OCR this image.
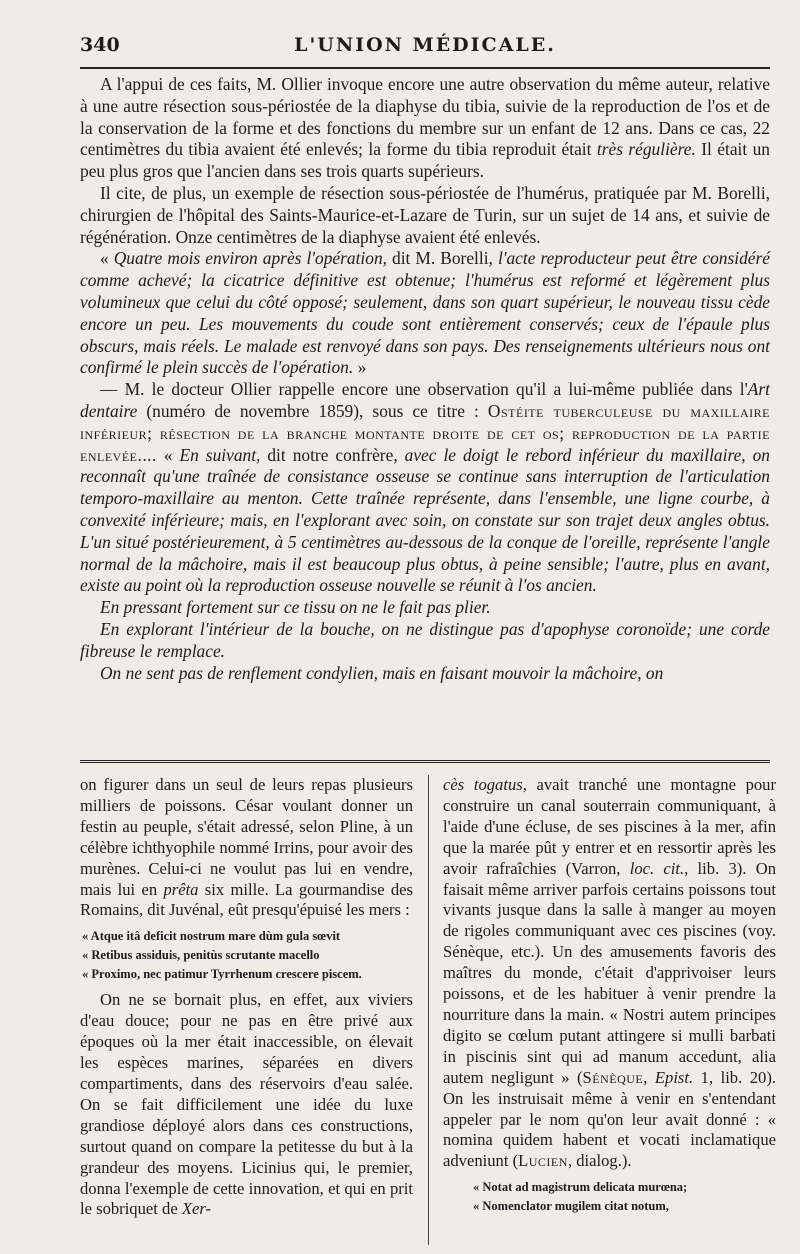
340	L'UNION MÉDICALE.

A l'appui de ces faits, M. Ollier invoque encore une autre observation du même auteur, relative à une autre résection sous-périostée de la diaphyse du tibia, suivie de la reproduction de l'os et de la conservation de la forme et des fonctions du membre sur un enfant de 12 ans. Dans ce cas, 22 centimètres du tibia avaient été enlevés; la forme du tibia reproduit était très régulière. Il était un peu plus gros que l'ancien dans ses trois quarts supérieurs.

Il cite, de plus, un exemple de résection sous-périostée de l'humérus, pratiquée par M. Borelli, chirurgien de l'hôpital des Saints-Maurice-et-Lazare de Turin, sur un sujet de 14 ans, et suivie de régénération. Onze centimètres de la diaphyse avaient été enlevés.

« Quatre mois environ après l'opération, dit M. Borelli, l'acte reproducteur peut être considéré comme achevé; la cicatrice définitive est obtenue; l'humérus est reformé et légèrement plus volumineux que celui du côté opposé; seulement, dans son quart supérieur, le nouveau tissu cède encore un peu. Les mouvements du coude sont entièrement conservés; ceux de l'épaule plus obscurs, mais réels. Le malade est renvoyé dans son pays. Des renseignements ultérieurs nous ont confirmé le plein succès de l'opération. »

— M. le docteur Ollier rappelle encore une observation qu'il a lui-même publiée dans l'Art dentaire (numéro de novembre 1859), sous ce titre : Ostéite tuberculeuse du maxillaire inférieur; résection de la branche montante droite de cet os; reproduction de la partie enlevée.... « En suivant, dit notre confrère, avec le doigt le rebord inférieur du maxillaire, on reconnaît qu'une traînée de consistance osseuse se continue sans interruption de l'articulation temporo-maxillaire au menton. Cette traînée représente, dans l'ensemble, une ligne courbe, à convexité inférieure; mais, en l'explorant avec soin, on constate sur son trajet deux angles obtus. L'un situé postérieurement, à 5 centimètres au-dessous de la conque de l'oreille, représente l'angle normal de la mâchoire, mais il est beaucoup plus obtus, à peine sensible; l'autre, plus en avant, existe au point où la reproduction osseuse nouvelle se réunit à l'os ancien.

En pressant fortement sur ce tissu on ne le fait pas plier.

En explorant l'intérieur de la bouche, on ne distingue pas d'apophyse coronoïde; une corde fibreuse le remplace.

On ne sent pas de renflement condylien, mais en faisant mouvoir la mâchoire, on

on figurer dans un seul de leurs repas plusieurs milliers de poissons. César voulant donner un festin au peuple, s'était adressé, selon Pline, à un célèbre ichthyophile nommé Irrins, pour avoir des murènes. Celui-ci ne voulut pas lui en vendre, mais lui en prêta six mille. La gourmandise des Romains, dit Juvénal, eût presqu'épuisé les mers :

« Atque itâ deficit nostrum mare dùm gula sœvit
« Retibus assiduis, penitùs scrutante macello
« Proximo, nec patimur Tyrrhenum crescere piscem.

On ne se bornait plus, en effet, aux viviers d'eau douce; pour ne pas en être privé aux époques où la mer était inaccessible, on élevait les espèces marines, séparées en divers compartiments, dans des réservoirs d'eau salée. On se fait difficilement une idée du luxe grandiose déployé alors dans ces constructions, surtout quand on compare la petitesse du but à la grandeur des moyens. Licinius qui, le premier, donna l'exemple de cette innovation, et qui en prit le sobriquet de Xer-

cès togatus, avait tranché une montagne pour construire un canal souterrain communiquant, à l'aide d'une écluse, de ses piscines à la mer, afin que la marée pût y entrer et en ressortir après les avoir rafraîchies (Varron, loc. cit., lib. 3). On faisait même arriver parfois certains poissons tout vivants jusque dans la salle à manger au moyen de rigoles communiquant avec ces piscines (voy. Sénèque, etc.). Un des amusements favoris des maîtres du monde, c'était d'apprivoiser leurs poissons, et de les habituer à venir prendre la nourriture dans la main. « Nostri autem principes digito se cœlum putant attingere si mulli barbati in piscinis sint qui ad manum accedunt, alia autem negligunt » (Sénèque, Epist. 1, lib. 20). On les instruisait même à venir en s'entendant appeler par le nom qu'on leur avait donné : « nomina quidem habent et vocati inclamatique adveniunt (Lucien, dialog.).

« Notat ad magistrum delicata murœna;
« Nomenclator mugilem citat notum,
